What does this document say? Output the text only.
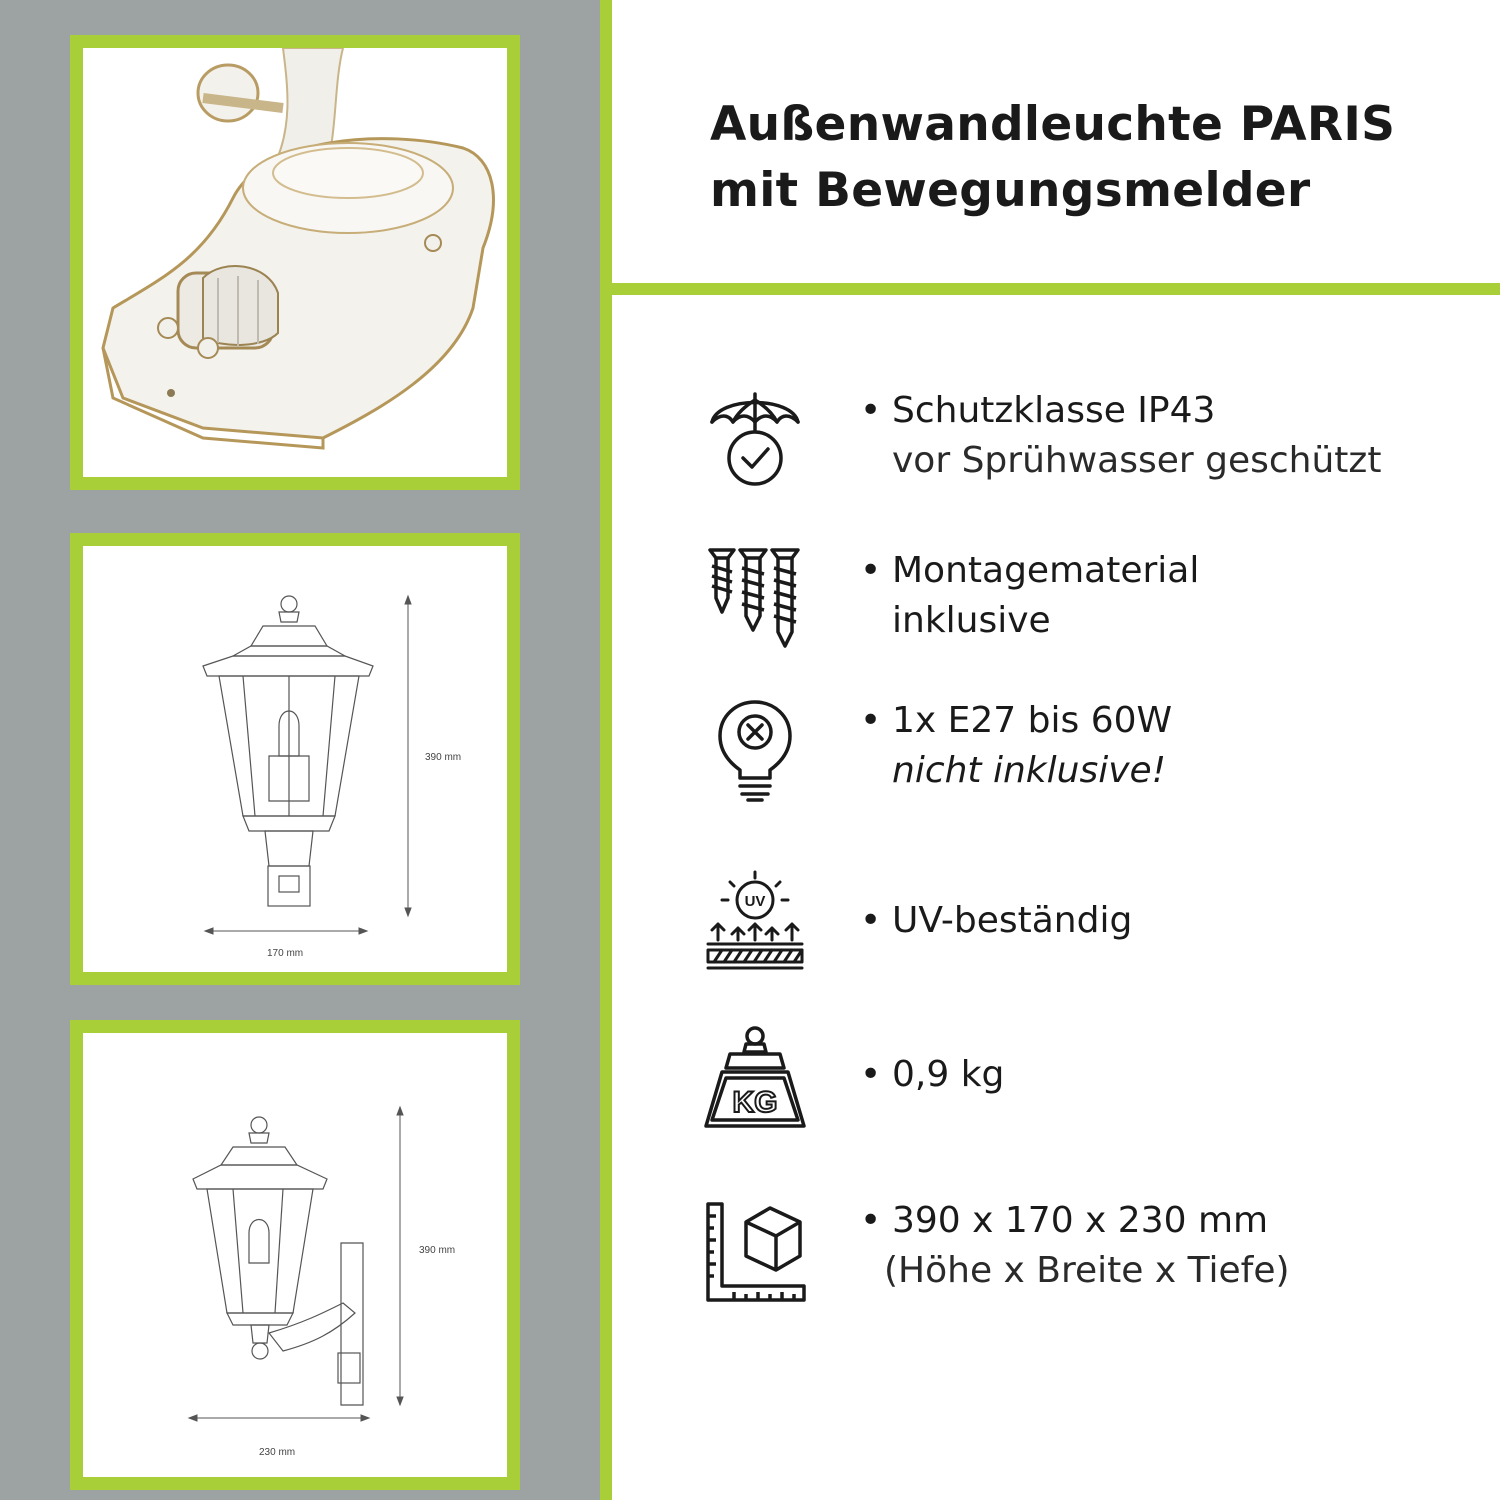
390 mm
170 mm
390 mm
230 mm
Außenwandleuchte PARIS
mit Bewegungsmelder
• Schutzklasse IP43
vor Sprühwasser geschützt
• Montagematerial
inklusive
• 1x E27 bis 60W
nicht inklusive!
UV
•	UV-beständig
KG
• 0,9 kg
• 390 x 170 x 230 mm
(Höhe x Breite x Tiefe)
